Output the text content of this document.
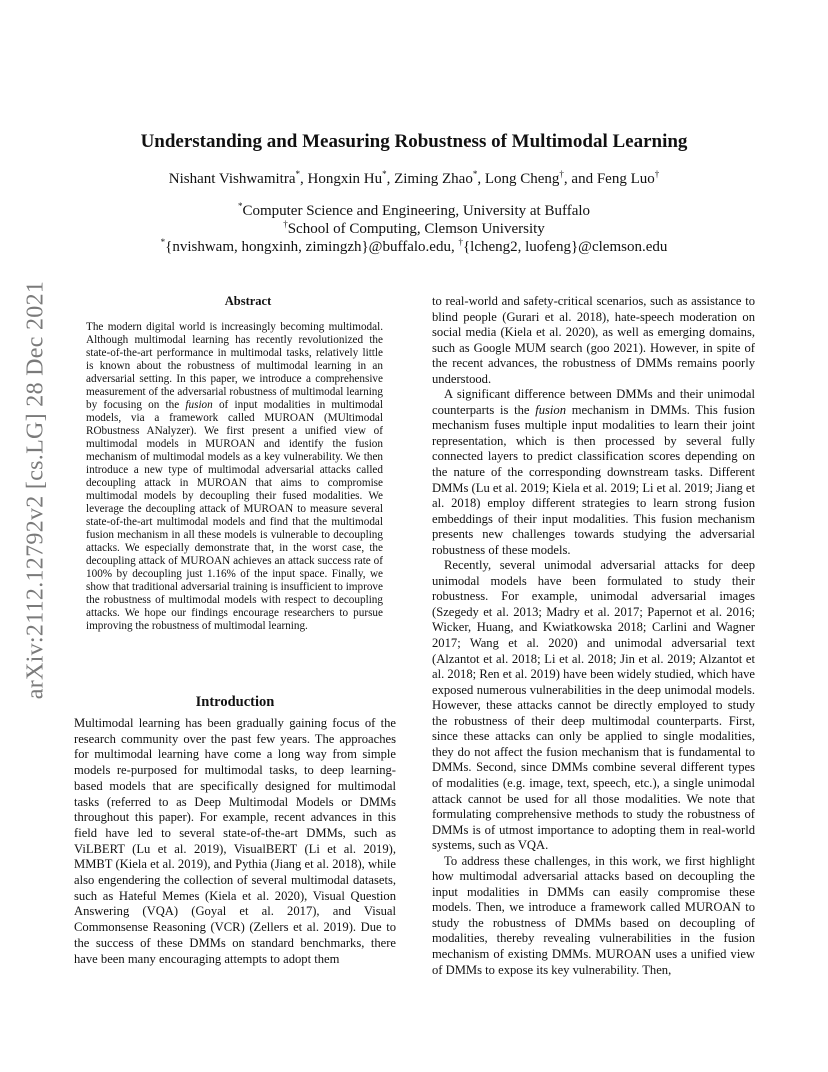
arXiv:2112.12792v2 [cs.LG] 28 Dec 2021
Understanding and Measuring Robustness of Multimodal Learning
Nishant Vishwamitra*, Hongxin Hu*, Ziming Zhao*, Long Cheng†, and Feng Luo†
*Computer Science and Engineering, University at Buffalo
†School of Computing, Clemson University
*{nvishwam, hongxinh, zimingzh}@buffalo.edu, †{lcheng2, luofeng}@clemson.edu
Abstract

The modern digital world is increasingly becoming multimodal. Although multimodal learning has recently revolutionized the state-of-the-art performance in multimodal tasks, relatively little is known about the robustness of multimodal learning in an adversarial setting. In this paper, we introduce a comprehensive measurement of the adversarial robustness of multimodal learning by focusing on the fusion of input modalities in multimodal models, via a framework called MUROAN (MUltimodal RObustness ANalyzer). We first present a unified view of multimodal models in MUROAN and identify the fusion mechanism of multimodal models as a key vulnerability. We then introduce a new type of multimodal adversarial attacks called decoupling attack in MUROAN that aims to compromise multimodal models by decoupling their fused modalities. We leverage the decoupling attack of MUROAN to measure several state-of-the-art multimodal models and find that the multimodal fusion mechanism in all these models is vulnerable to decoupling attacks. We especially demonstrate that, in the worst case, the decoupling attack of MUROAN achieves an attack success rate of 100% by decoupling just 1.16% of the input space. Finally, we show that traditional adversarial training is insufficient to improve the robustness of multimodal models with respect to decoupling attacks. We hope our findings encourage researchers to pursue improving the robustness of multimodal learning.

Introduction

Multimodal learning has been gradually gaining focus of the research community over the past few years. The approaches for multimodal learning have come a long way from simple models re-purposed for multimodal tasks, to deep learning-based models that are specifically designed for multimodal tasks (referred to as Deep Multimodal Models or DMMs throughout this paper). For example, recent advances in this field have led to several state-of-the-art DMMs, such as ViLBERT (Lu et al. 2019), VisualBERT (Li et al. 2019), MMBT (Kiela et al. 2019), and Pythia (Jiang et al. 2018), while also engendering the collection of several multimodal datasets, such as Hateful Memes (Kiela et al. 2020), Visual Question Answering (VQA) (Goyal et al. 2017), and Visual Commonsense Reasoning (VCR) (Zellers et al. 2019). Due to the success of these DMMs on standard benchmarks, there have been many encouraging attempts to adopt them

to real-world and safety-critical scenarios, such as assistance to blind people (Gurari et al. 2018), hate-speech moderation on social media (Kiela et al. 2020), as well as emerging domains, such as Google MUM search (goo 2021). However, in spite of the recent advances, the robustness of DMMs remains poorly understood.

A significant difference between DMMs and their unimodal counterparts is the fusion mechanism in DMMs. This fusion mechanism fuses multiple input modalities to learn their joint representation, which is then processed by several fully connected layers to predict classification scores depending on the nature of the corresponding downstream tasks. Different DMMs (Lu et al. 2019; Kiela et al. 2019; Li et al. 2019; Jiang et al. 2018) employ different strategies to learn strong fusion embeddings of their input modalities. This fusion mechanism presents new challenges towards studying the adversarial robustness of these models.

Recently, several unimodal adversarial attacks for deep unimodal models have been formulated to study their robustness. For example, unimodal adversarial images (Szegedy et al. 2013; Madry et al. 2017; Papernot et al. 2016; Wicker, Huang, and Kwiatkowska 2018; Carlini and Wagner 2017; Wang et al. 2020) and unimodal adversarial text (Alzantot et al. 2018; Li et al. 2018; Jin et al. 2019; Alzantot et al. 2018; Ren et al. 2019) have been widely studied, which have exposed numerous vulnerabilities in the deep unimodal models. However, these attacks cannot be directly employed to study the robustness of their deep multimodal counterparts. First, since these attacks can only be applied to single modalities, they do not affect the fusion mechanism that is fundamental to DMMs. Second, since DMMs combine several different types of modalities (e.g. image, text, speech, etc.), a single unimodal attack cannot be used for all those modalities. We note that formulating comprehensive methods to study the robustness of DMMs is of utmost importance to adopting them in real-world systems, such as VQA.

To address these challenges, in this work, we first highlight how multimodal adversarial attacks based on decoupling the input modalities in DMMs can easily compromise these models. Then, we introduce a framework called MUROAN to study the robustness of DMMs based on decoupling of modalities, thereby revealing vulnerabilities in the fusion mechanism of existing DMMs. MUROAN uses a unified view of DMMs to expose its key vulnerability. Then,
